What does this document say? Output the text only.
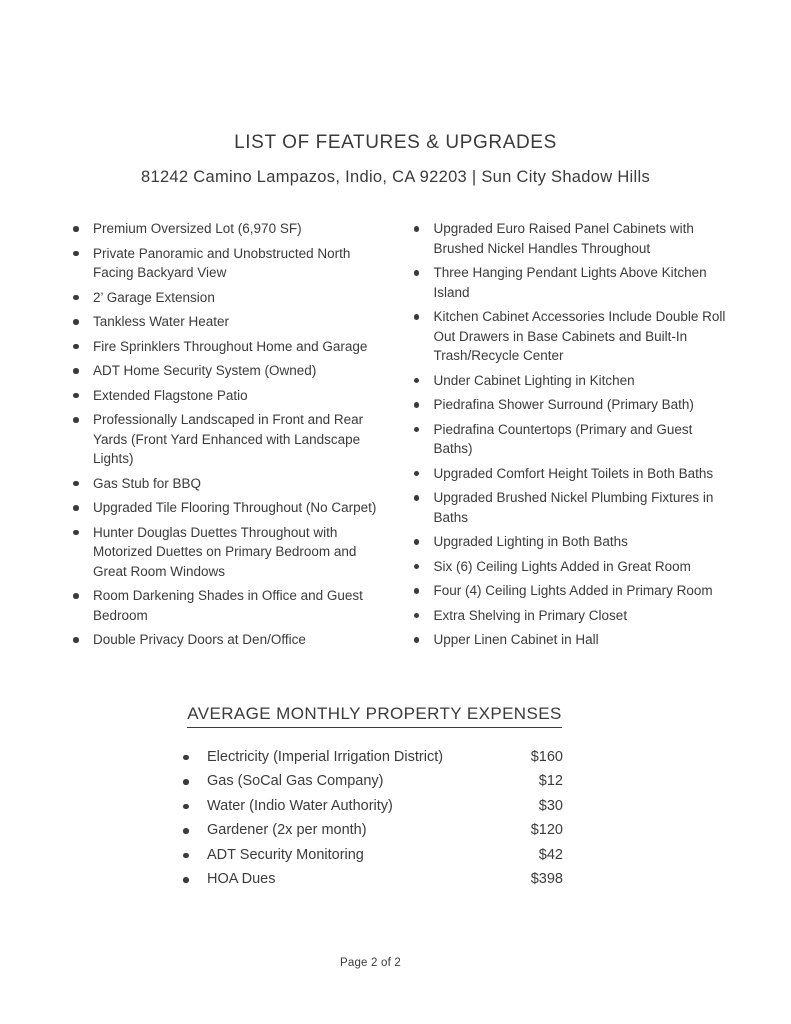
LIST OF FEATURES & UPGRADES
81242 Camino Lampazos, Indio, CA 92203 | Sun City Shadow Hills
Premium Oversized Lot (6,970 SF)
Private Panoramic and Unobstructed North Facing Backyard View
2’ Garage Extension
Tankless Water Heater
Fire Sprinklers Throughout Home and Garage
ADT Home Security System (Owned)
Extended Flagstone Patio
Professionally Landscaped in Front and Rear Yards (Front Yard Enhanced with Landscape Lights)
Gas Stub for BBQ
Upgraded Tile Flooring Throughout (No Carpet)
Hunter Douglas Duettes Throughout with Motorized Duettes on Primary Bedroom and Great Room Windows
Room Darkening Shades in Office and Guest Bedroom
Double Privacy Doors at Den/Office
Upgraded Euro Raised Panel Cabinets with Brushed Nickel Handles Throughout
Three Hanging Pendant Lights Above Kitchen Island
Kitchen Cabinet Accessories Include Double Roll Out Drawers in Base Cabinets and Built-In Trash/Recycle Center
Under Cabinet Lighting in Kitchen
Piedrafina Shower Surround (Primary Bath)
Piedrafina Countertops (Primary and Guest Baths)
Upgraded Comfort Height Toilets in Both Baths
Upgraded Brushed Nickel Plumbing Fixtures in Baths
Upgraded Lighting in Both Baths
Six (6) Ceiling Lights Added in Great Room
Four (4) Ceiling Lights Added in Primary Room
Extra Shelving in Primary Closet
Upper Linen Cabinet in Hall
AVERAGE MONTHLY PROPERTY EXPENSES
Electricity (Imperial Irrigation District)	$160
Gas (SoCal Gas Company)	$12
Water (Indio Water Authority)	$30
Gardener (2x per month)	$120
ADT Security Monitoring	$42
HOA Dues	$398
Page 2 of 2
